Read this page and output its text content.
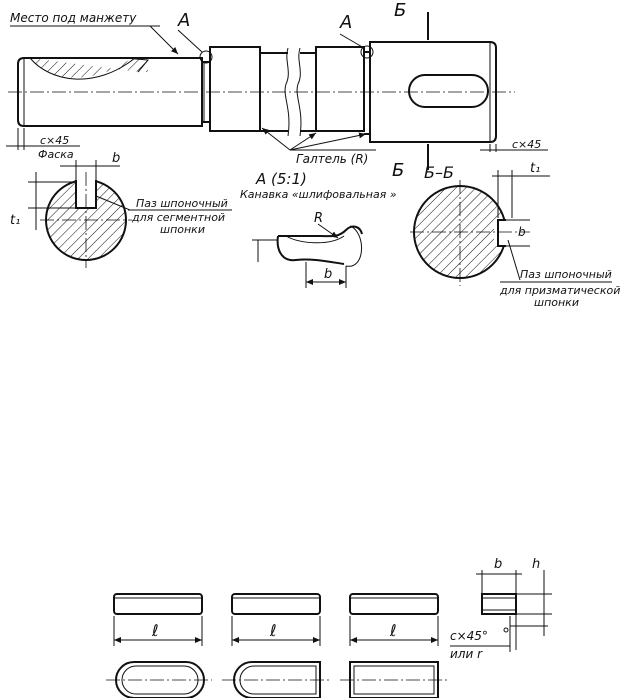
Место под манжету А	А
Б
Б
с×45
Фаска	Галтель (R)
с×45
А (5:1)
Канавка «шлифовальная »
R
b
b
t₁
Паз шпоночный
для сегментной
шпонки
Б–Б	t₁
b
Паз шпоночный
для призматической
шпонки
ℓ	ℓ	ℓ
b h
с×45°
или r
